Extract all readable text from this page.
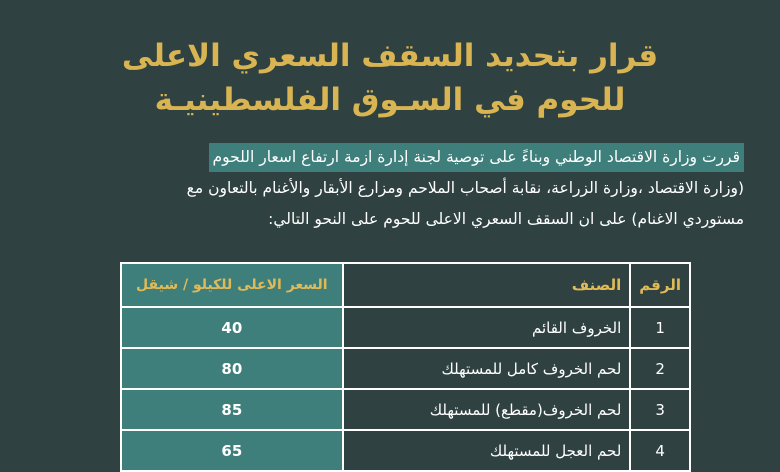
قرار بتحديد السقف السعري الاعلى
للحوم في السـوق الفلسطينيـة
قررت وزارة الاقتصاد الوطني وبناءً على توصية لجنة إدارة ازمة ارتفاع اسعار اللحوم
(وزارة الاقتصاد ،وزارة الزراعة، نقابة أصحاب الملاحم ومزارع الأبقار والأغنام بالتعاون مع
مستوردي الاغنام) على ان السقف السعري الاعلى للحوم على النحو التالي:
الرقم	الصنف	السعر الاعلى للكيلو / شيقل
1	الخروف القائم	40
2	لحم الخروف كامل للمستهلك	80
3	لحم الخروف(مقطع) للمستهلك	85
4	لحم العجل للمستهلك	65
